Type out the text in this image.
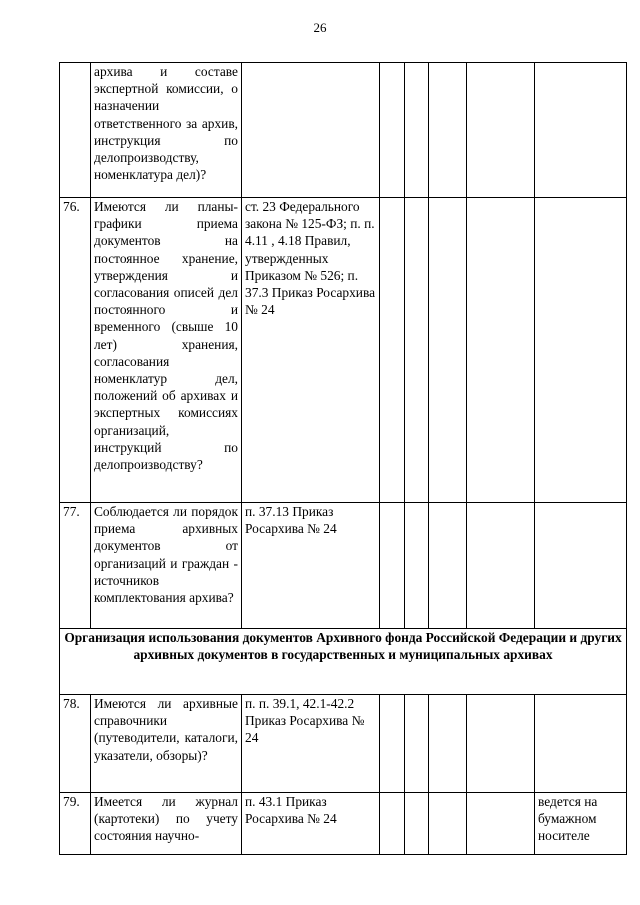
26
	архива и составе экспертной комиссии, о назначении ответственного за архив, инструкция по делопроизводству, номенклатура дел)?						
76.	Имеются ли планы-графики приема документов на постоянное хранение, утверждения и согласования описей дел постоянного и временного (свыше 10 лет) хранения, согласования номенклатур дел, положений об архивах и экспертных комиссиях организаций, инструкций по делопроизводству?	ст. 23 Федерального закона № 125-ФЗ; п. п. 4.11 , 4.18 Правил, утвержденных Приказом № 526; п. 37.3 Приказ Росархива № 24					
77.	Соблюдается ли порядок приема архивных документов от организаций и граждан - источников комплектования архива?	п. 37.13 Приказ Росархива № 24					
Организация использования документов Архивного фонда Российской Федерации и других архивных документов в государственных и муниципальных архивах							
78.	Имеются ли архивные справочники (путеводители, каталоги, указатели, обзоры)?	п. п. 39.1, 42.1-42.2 Приказ Росархива № 24					
79.	Имеется ли журнал (картотеки) по учету состояния научно-	п. 43.1 Приказ Росархива № 24					ведется на бумажном носителе
